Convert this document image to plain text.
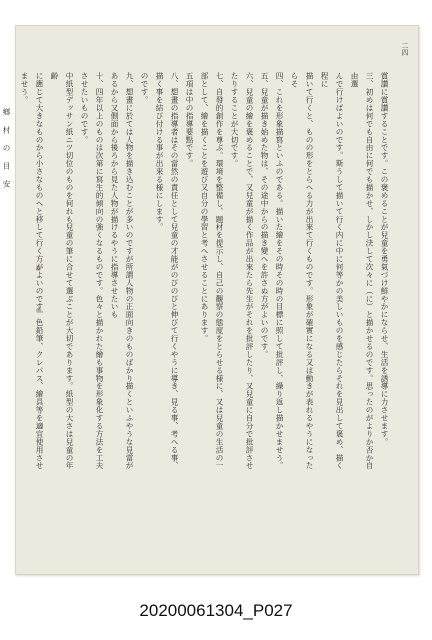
二四
賞讃に賞讃することです。この褒めることが兒童を勇氣づけ鮮やかにならせ、生活を誘導に力させます。
三、初めは何でも自由に何でも描かせ、しかし決して次々に（に）と描かせるのです。思ったのがよりか否か自由選
んで行けばよいのです。斯うして描いて行く内に中に何等かの美しいものを感じたらそれを見出して褒め、描く程に
描いて行くと、ものの形をとらへる力が出來て行くものです。形象が確實になる又は動きが表れるやうになったらそ
四、これを形象描寫といふのである。描いた繪をその時その時の目標に照して批評し、繰り返し描かせませう。
五、兒童が描き始めた物は、その途中からの描き變へを許さぬ方がよいのです。
六、兒童の繪を褒めることで、又兒童が描く作品が出來たら先生がそれを批評したり、又兒童に自分で批評させたりすることが大切です。
七、自發的創作を尊ぶ。環境を整備し、題材を提示し、自己の觀察の態度をとらせる様に、又は兒童の生活の一部として、繪を描くことを遊び又自分の學習と考へさせることにあります。
五項は中の指導要點です。
八、想畫の指導者はその當然の責任として兒童の才能がのびのびと伸びて行くやうに導き、見る事、考へる事、描く事を結び付ける事が出來る様にします。
のです。
九、想畫に於ては人物を描き込むことが多いのですが所謂人物の正面向きのものばかり描くといふやうな見當があるから又側面から後ろから見た人物が描けるやうに指導させたいも
十、四年以上のものは次第に寫生的傾向の強くなるものです。色々と描かれた繪も事物を形象化する方法を工夫させたいものです。
中紙型デッサン紙ニツ切位のものを何れも兒童の筆に合せて選ぶことが大切であります。紙型の大さは兒童の年齢
に應じて大きなものから小さなものへと移して行く方がよいのです。色鉛筆、クレパス、繪具等を適宜使用させませう。
鄉 村 の 目 安
20200061304_P027
